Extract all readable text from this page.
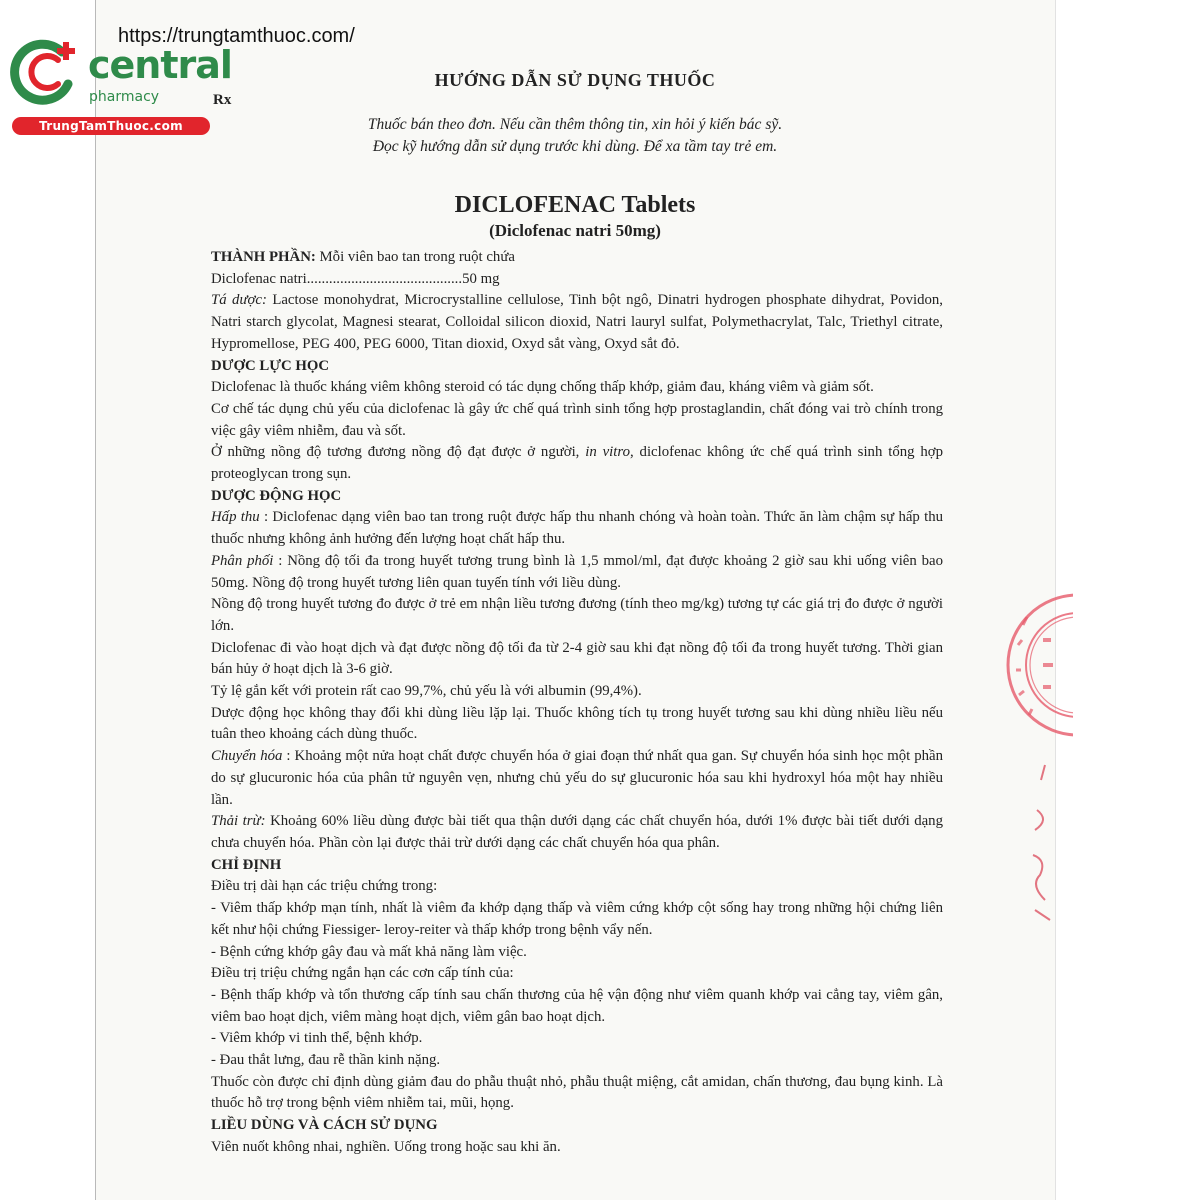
https://trungtamthuoc.com/
central
pharmacy
TrungTamThuoc.com
Rx
HƯỚNG DẪN SỬ DỤNG THUỐC
Thuốc bán theo đơn. Nếu cần thêm thông tin, xin hỏi ý kiến bác sỹ.
Đọc kỹ hướng dẫn sử dụng trước khi dùng. Để xa tầm tay trẻ em.
DICLOFENAC Tablets
(Diclofenac natri 50mg)

THÀNH PHẦN: Mỗi viên bao tan trong ruột chứa

Diclofenac natri..........................................50 mg

Tá dược: Lactose monohydrat, Microcrystalline cellulose, Tinh bột ngô, Dinatri hydrogen phosphate dihydrat, Povidon, Natri starch glycolat, Magnesi stearat, Colloidal silicon dioxid, Natri lauryl sulfat, Polymethacrylat, Talc, Triethyl citrate, Hypromellose, PEG 400, PEG 6000, Titan dioxid, Oxyd sắt vàng, Oxyd sắt đỏ.

DƯỢC LỰC HỌC

Diclofenac là thuốc kháng viêm không steroid có tác dụng chống thấp khớp, giảm đau, kháng viêm và giảm sốt.

Cơ chế tác dụng chủ yếu của diclofenac là gây ức chế quá trình sinh tổng hợp prostaglandin, chất đóng vai trò chính trong việc gây viêm nhiễm, đau và sốt.

Ở những nồng độ tương đương nồng độ đạt được ở người, in vitro, diclofenac không ức chế quá trình sinh tổng hợp proteoglycan trong sụn.

DƯỢC ĐỘNG HỌC

Hấp thu : Diclofenac dạng viên bao tan trong ruột được hấp thu nhanh chóng và hoàn toàn. Thức ăn làm chậm sự hấp thu thuốc nhưng không ảnh hưởng đến lượng hoạt chất hấp thu.

Phân phối : Nồng độ tối đa trong huyết tương trung bình là 1,5 mmol/ml, đạt được khoảng 2 giờ sau khi uống viên bao 50mg. Nồng độ trong huyết tương liên quan tuyến tính với liều dùng.

Nồng độ trong huyết tương đo được ở trẻ em nhận liều tương đương (tính theo mg/kg) tương tự các giá trị đo được ở người lớn.

Diclofenac đi vào hoạt dịch và đạt được nồng độ tối đa từ 2-4 giờ sau khi đạt nồng độ tối đa trong huyết tương. Thời gian bán hủy ở hoạt dịch là 3-6 giờ.

Tỷ lệ gắn kết với protein rất cao 99,7%, chủ yếu là với albumin (99,4%).

Dược động học không thay đổi khi dùng liều lặp lại. Thuốc không tích tụ trong huyết tương sau khi dùng nhiều liều nếu tuân theo khoảng cách dùng thuốc.

Chuyển hóa : Khoảng một nửa hoạt chất được chuyển hóa ở giai đoạn thứ nhất qua gan. Sự chuyển hóa sinh học một phần do sự glucuronic hóa của phân tử nguyên vẹn, nhưng chủ yếu do sự glucuronic hóa sau khi hydroxyl hóa một hay nhiều lần.

Thải trừ: Khoảng 60% liều dùng được bài tiết qua thận dưới dạng các chất chuyển hóa, dưới 1% được bài tiết dưới dạng chưa chuyển hóa. Phần còn lại được thải trừ dưới dạng các chất chuyển hóa qua phân.

CHỈ ĐỊNH

Điều trị dài hạn các triệu chứng trong:

- Viêm thấp khớp mạn tính, nhất là viêm đa khớp dạng thấp và viêm cứng khớp cột sống hay trong những hội chứng liên kết như hội chứng Fiessiger- leroy-reiter và thấp khớp trong bệnh vẩy nến.

- Bệnh cứng khớp gây đau và mất khả năng làm việc.

Điều trị triệu chứng ngắn hạn các cơn cấp tính của:

- Bệnh thấp khớp và tổn thương cấp tính sau chấn thương của hệ vận động như viêm quanh khớp vai cẳng tay, viêm gân, viêm bao hoạt dịch, viêm màng hoạt dịch, viêm gân bao hoạt dịch.

- Viêm khớp vi tinh thể, bệnh khớp.

- Đau thắt lưng, đau rễ thần kinh nặng.

Thuốc còn được chỉ định dùng giảm đau do phẫu thuật nhỏ, phẫu thuật miệng, cắt amidan, chấn thương, đau bụng kinh. Là thuốc hỗ trợ trong bệnh viêm nhiễm tai, mũi, họng.

LIỀU DÙNG VÀ CÁCH SỬ DỤNG

Viên nuốt không nhai, nghiền. Uống trong hoặc sau khi ăn.
